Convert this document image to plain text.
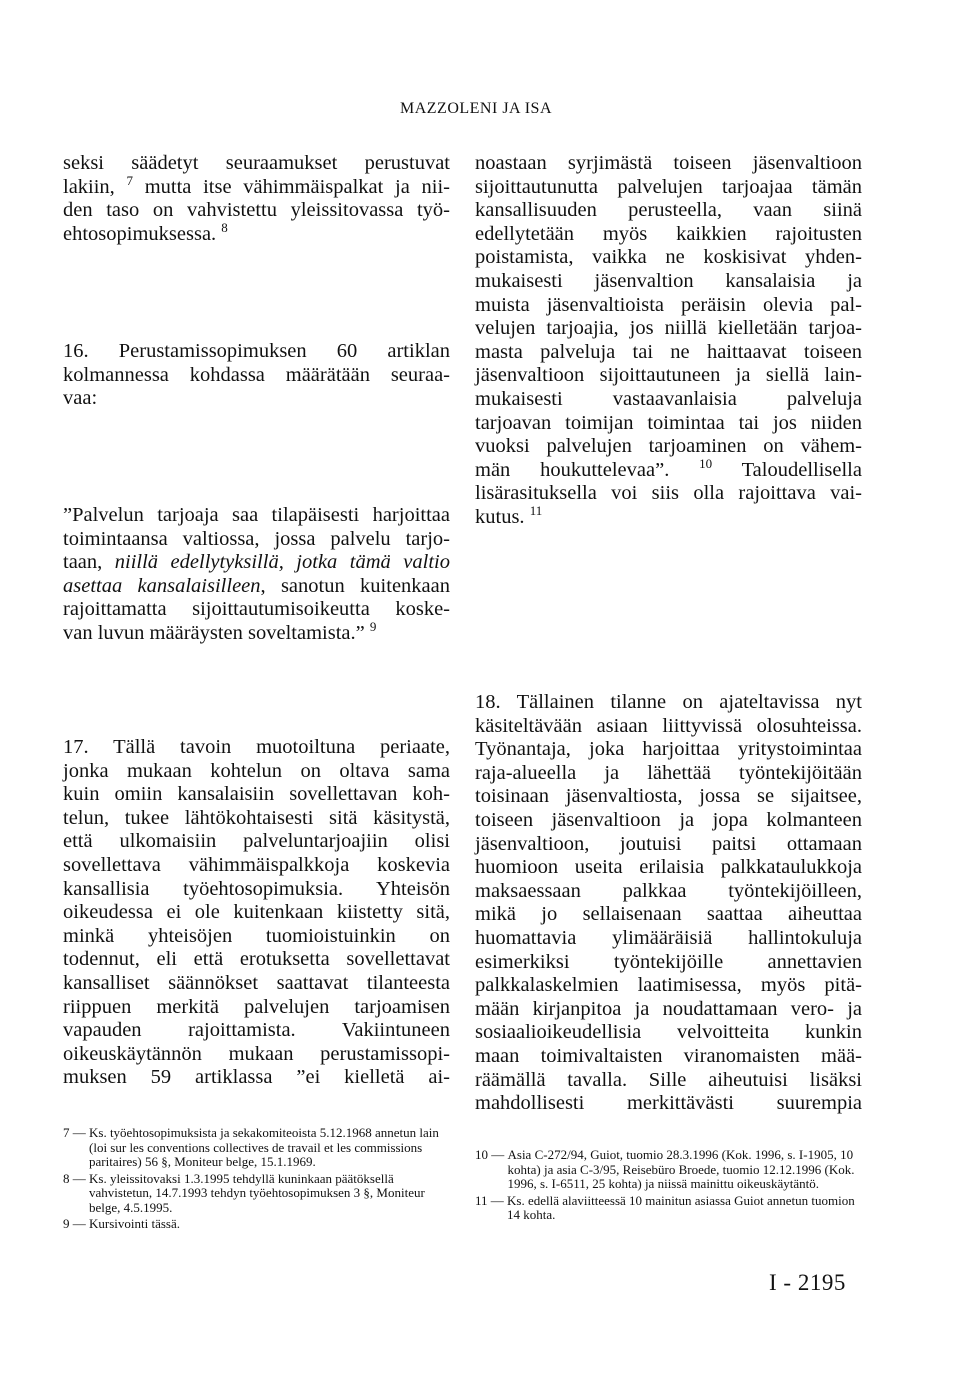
MAZZOLENI JA ISA
seksi säädetyt seuraamukset perustuvat
lakiin, $^7$ mutta itse vähimmäispalkat ja nii-
den taso on vahvistettu yleissitovassa työ-
ehtosopimuksessa. $^8$
16. Perustamissopimuksen 60 artiklan
kolmannessa kohdassa määrätään seuraa-
vaa:
”Palvelun tarjoaja saa tilapäisesti harjoittaa
toimintaansa valtiossa, jossa palvelu tarjo-
taan, niillä edellytyksillä, jotka tämä valtio
asettaa kansalaisilleen, sanotun kuitenkaan
rajoittamatta sijoittautumisoikeutta koske-
van luvun määräysten soveltamista.” $^9$
noastaan syrjimästä toiseen jäsenvaltioon
sijoittautunutta palvelujen tarjoajaa tämän
kansallisuuden perusteella, vaan siinä
edellytetään myös kaikkien rajoitusten
poistamista, vaikka ne koskisivat yhden-
mukaisesti jäsenvaltion kansalaisia ja
muista jäsenvaltioista peräisin olevia pal-
velujen tarjoajia, jos niillä kielletään tarjoa-
masta palveluja tai ne haittaavat toiseen
jäsenvaltioon sijoittautuneen ja siellä lain-
mukaisesti vastaavanlaisia palveluja
tarjoavan toimijan toimintaa tai jos niiden
vuoksi palvelujen tarjoaminen on vähem-
män houkuttelevaa”. $^{10}$ Taloudellisella
lisärasituksella voi siis olla rajoittava vai-
kutus. $^{11}$
17. Tällä tavoin muotoiltuna periaate,
jonka mukaan kohtelun on oltava sama
kuin omiin kansalaisiin sovellettavan koh-
telun, tukee lähtökohtaisesti sitä käsitystä,
että ulkomaisiin palveluntarjoajiin olisi
sovellettava vähimmäispalkkoja koskevia
kansallisia työehtosopimuksia. Yhteisön
oikeudessa ei ole kuitenkaan kiistetty sitä,
minkä yhteisöjen tuomioistuinkin on
todennut, eli että erotuksetta sovellettavat
kansalliset säännökset saattavat tilanteesta
riippuen merkitä palvelujen tarjoamisen
vapauden rajoittamista. Vakiintuneen
oikeuskäytännön mukaan perustamissopi-
muksen 59 artiklassa ”ei kielletä ai-
18. Tällainen tilanne on ajateltavissa nyt
käsiteltävään asiaan liittyvissä olosuhteissa.
Työnantaja, joka harjoittaa yritystoimintaa
raja-alueella ja lähettää työntekijöitään
toisinaan jäsenvaltiosta, jossa se sijaitsee,
toiseen jäsenvaltioon ja jopa kolmanteen
jäsenvaltioon, joutuisi paitsi ottamaan
huomioon useita erilaisia palkkataulukkoja
maksaessaan palkkaa työntekijöilleen,
mikä jo sellaisenaan saattaa aiheuttaa
huomattavia ylimääräisiä hallintokuluja
esimerkiksi työntekijöille annettavien
palkkalaskelmien laatimisessa, myös pitä-
mään kirjanpitoa ja noudattamaan vero- ja
sosiaalioikeudellisia velvoitteita kunkin
maan toimivaltaisten viranomaisten mää-
räämällä tavalla. Sille aiheutuisi lisäksi
mahdollisesti merkittävästi suurempia
7 — Ks. työehtosopimuksista ja sekakomiteoista 5.12.1968 annetun lain (loi sur les conventions collectives de travail et les commissions paritaires) 56 §, Moniteur belge, 15.1.1969.
8 — Ks. yleissitovaksi 1.3.1995 tehdyllä kuninkaan päätöksellä vahvistetun, 14.7.1993 tehdyn työehtosopimuksen 3 §, Moniteur belge, 4.5.1995.
9 — Kursivointi tässä.
10 — Asia C-272/94, Guiot, tuomio 28.3.1996 (Kok. 1996, s. I-1905, 10 kohta) ja asia C-3/95, Reisebüro Broede, tuomio 12.12.1996 (Kok. 1996, s. I-6511, 25 kohta) ja niissä mainittu oikeuskäytäntö.
11 — Ks. edellä alaviitteessä 10 mainitun asiassa Guiot annetun tuomion 14 kohta.
I - 2195
